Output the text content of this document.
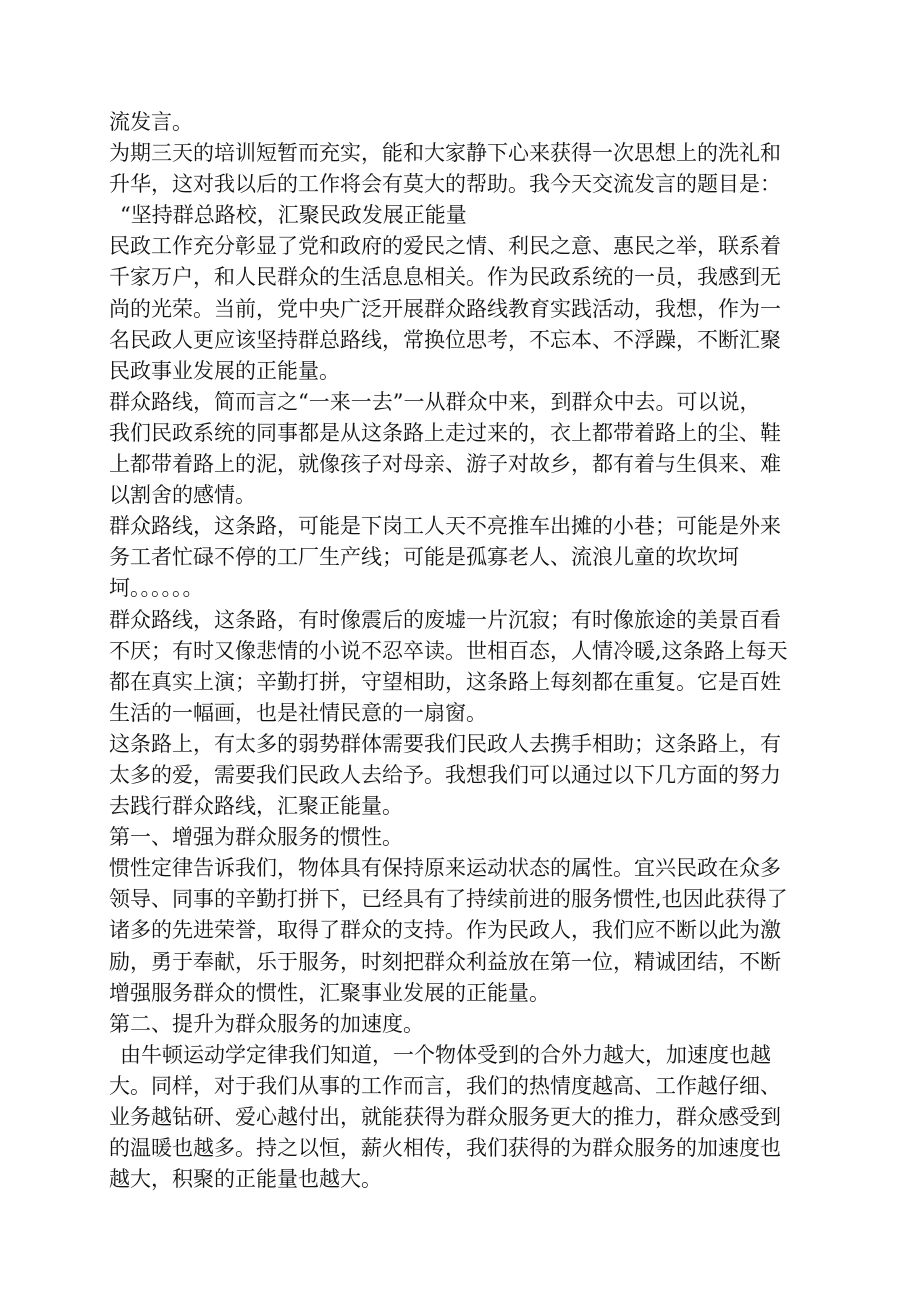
流发言。
为期三天的培训短暂而充实，能和大家静下心来获得一次思想上的洗礼和
升华，这对我以后的工作将会有莫大的帮助。我今天交流发言的题目是：
“坚持群总路校，汇聚民政发展正能量
民政工作充分彰显了党和政府的爱民之情、利民之意、惠民之举，联系着
千家万户，和人民群众的生活息息相关。作为民政系统的一员，我感到无
尚的光荣。当前，党中央广泛开展群众路线教育实践活动，我想，作为一
名民政人更应该坚持群总路线，常换位思考，不忘本、不浮躁，不断汇聚
民政事业发展的正能量。
群众路线，简而言之“一来一去”一从群众中来，到群众中去。可以说，
我们民政系统的同事都是从这条路上走过来的，衣上都带着路上的尘、鞋
上都带着路上的泥，就像孩子对母亲、游子对故乡，都有着与生俱来、难
以割舍的感情。
群众路线，这条路，可能是下岗工人天不亮推车出摊的小巷；可能是外来
务工者忙碌不停的工厂生产线；可能是孤寡老人、流浪儿童的坎坎坷
坷。。。。。。
群众路线，这条路，有时像震后的废墟一片沉寂；有时像旅途的美景百看
不厌；有时又像悲情的小说不忍卒读。世相百态，人情冷暖,这条路上每天
都在真实上演；辛勤打拼，守望相助，这条路上每刻都在重复。它是百姓
生活的一幅画，也是社情民意的一扇窗。
这条路上，有太多的弱势群体需要我们民政人去携手相助；这条路上，有
太多的爱，需要我们民政人去给予。我想我们可以通过以下几方面的努力
去践行群众路线，汇聚正能量。
第一、增强为群众服务的惯性。
惯性定律告诉我们，物体具有保持原来运动状态的属性。宜兴民政在众多
领导、同事的辛勤打拼下，已经具有了持续前进的服务惯性,也因此获得了
诸多的先进荣誉，取得了群众的支持。作为民政人，我们应不断以此为激
励，勇于奉献，乐于服务，时刻把群众利益放在第一位，精诚团结，不断
增强服务群众的惯性，汇聚事业发展的正能量。
第二、提升为群众服务的加速度。
由牛顿运动学定律我们知道，一个物体受到的合外力越大，加速度也越
大。同样，对于我们从事的工作而言，我们的热情度越高、工作越仔细、
业务越钻研、爱心越付出，就能获得为群众服务更大的推力，群众感受到
的温暖也越多。持之以恒，薪火相传，我们获得的为群众服务的加速度也
越大，积聚的正能量也越大。
